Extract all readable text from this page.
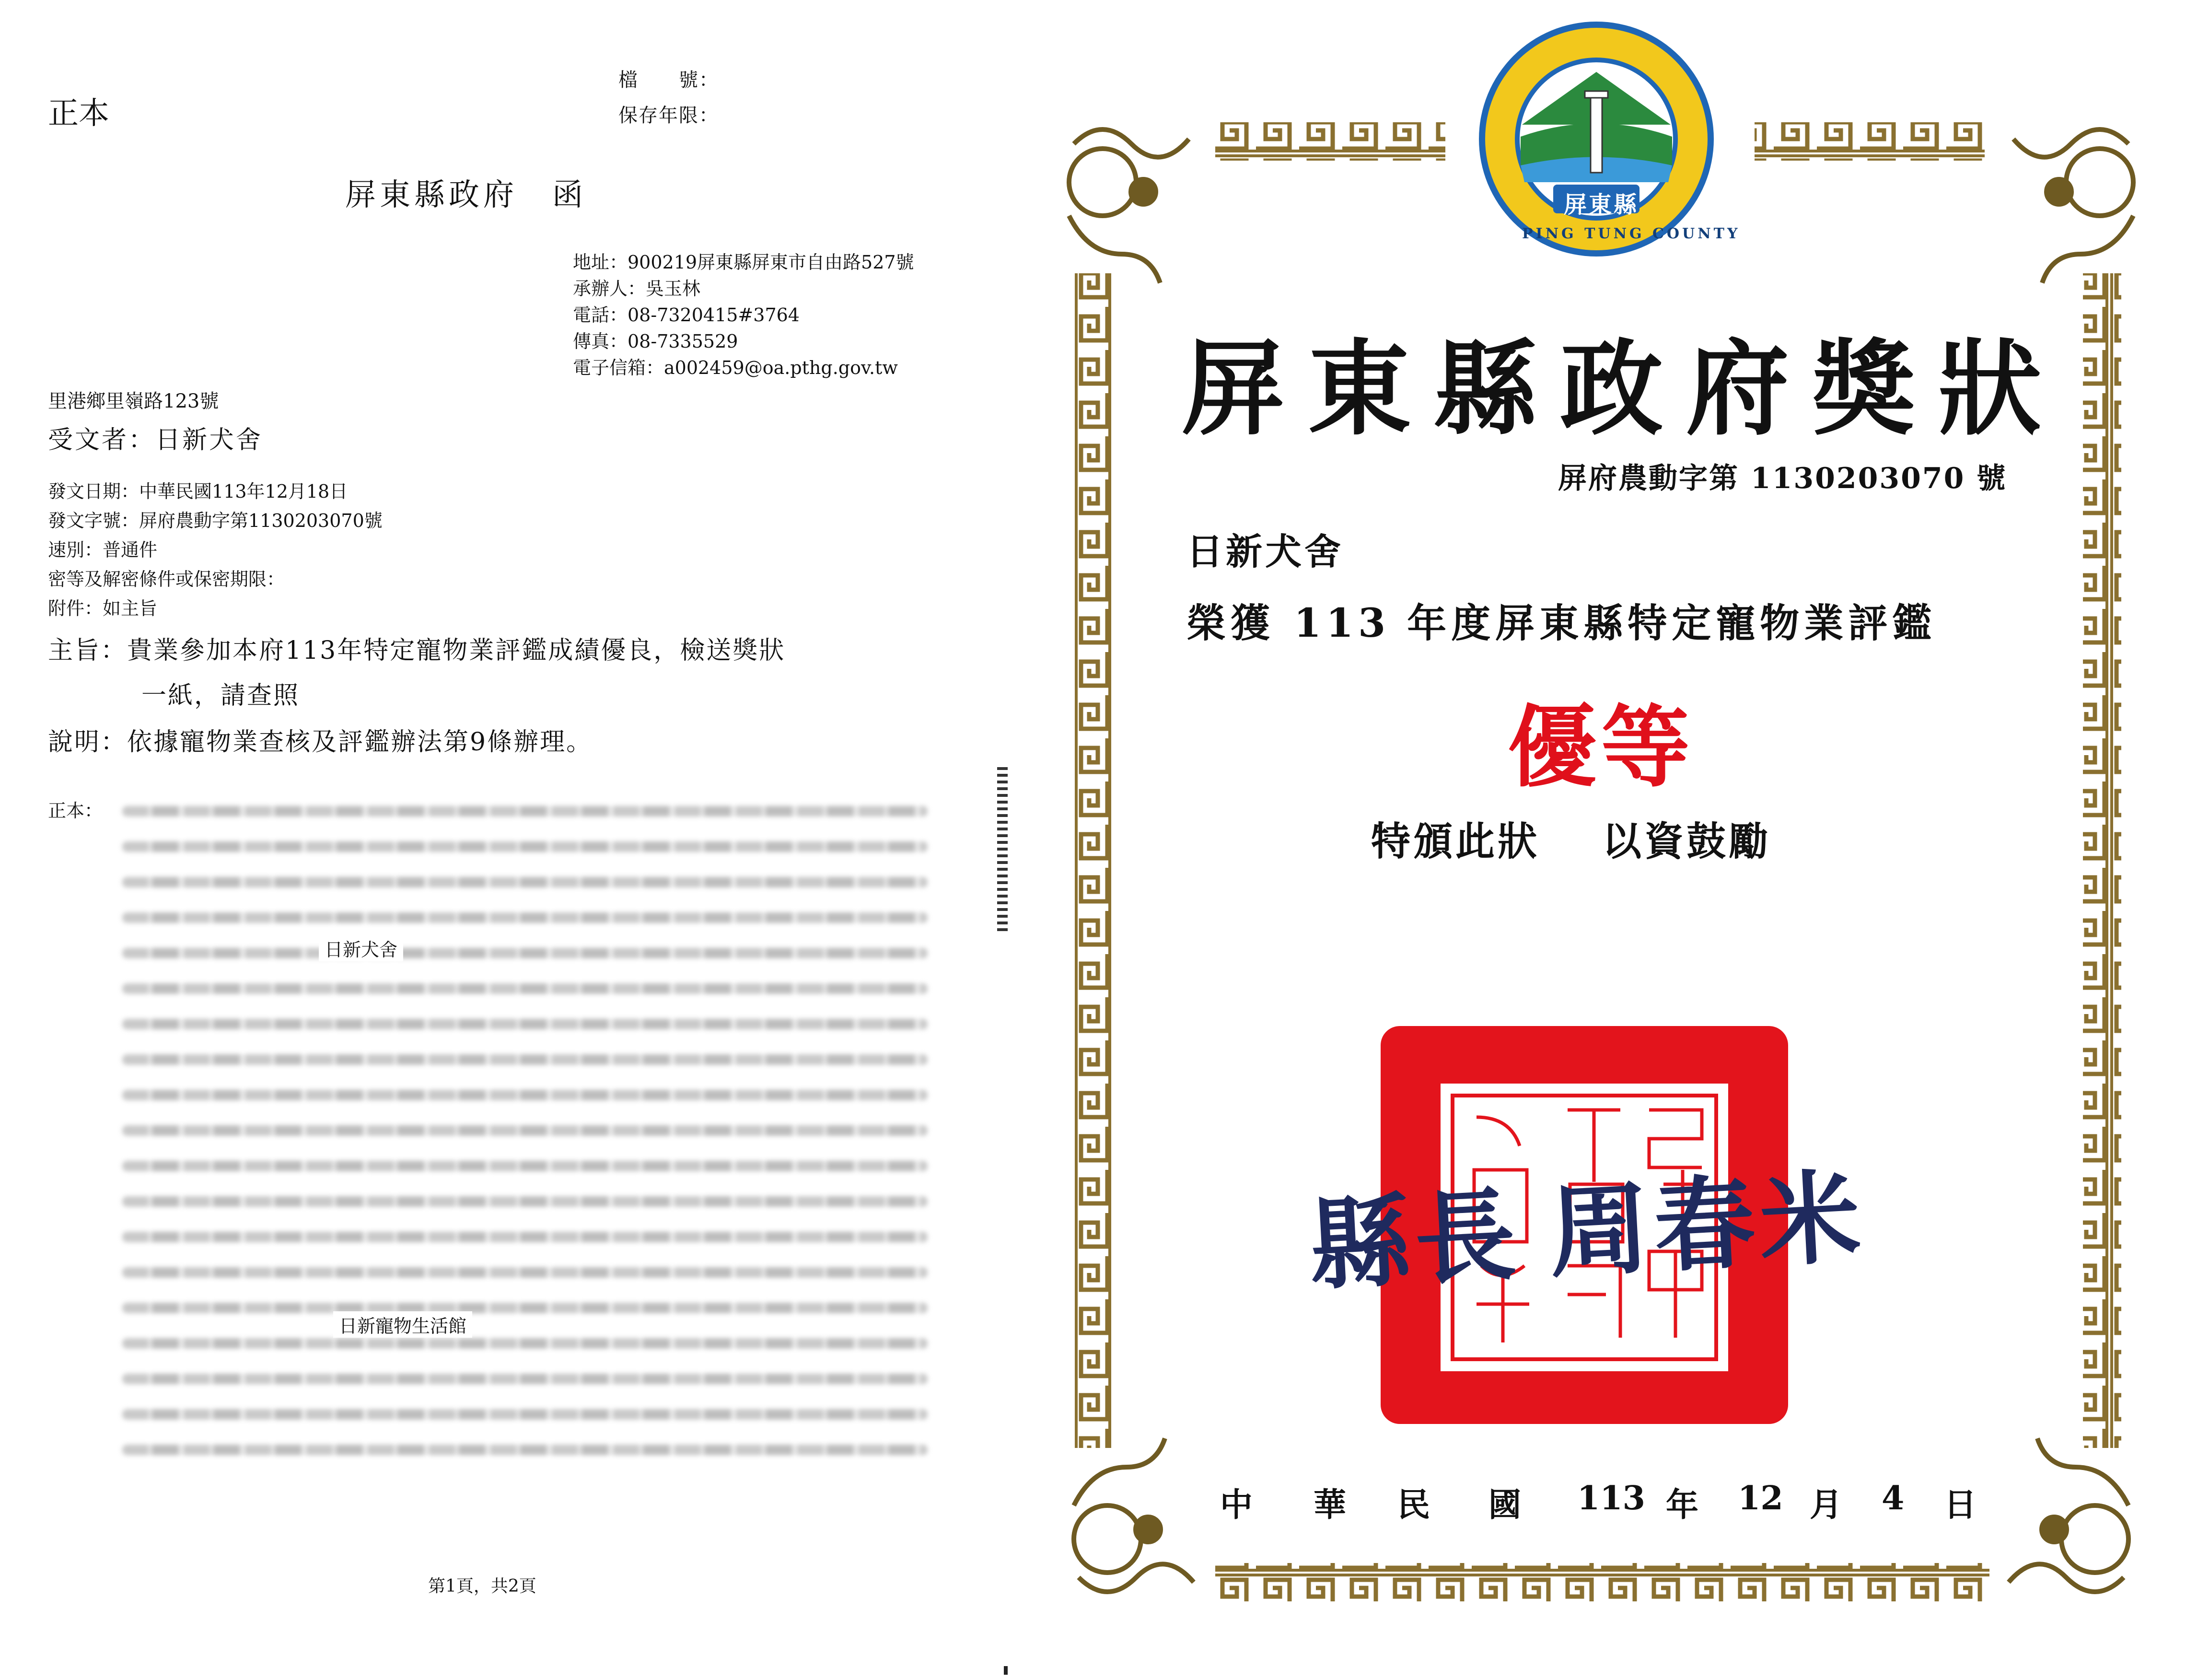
正本
檔　　號：
保存年限：
屏東縣政府　函
地址：900219屏東縣屏東市自由路527號
承辦人：吳玉林
電話：08-7320415#3764
傳真：08-7335529
電子信箱：a002459@oa.pthg.gov.tw
里港鄉里嶺路123號
受文者：日新犬舍
發文日期：中華民國113年12月18日
發文字號：屏府農動字第1130203070號
速別：普通件
密等及解密條件或保密期限：
附件：如主旨
主旨：貴業參加本府113年特定寵物業評鑑成績優良，檢送獎狀
一紙，請查照
說明：依據寵物業查核及評鑑辦法第9條辦理。
正本：
日新犬舍
日新寵物生活館
第1頁，共2頁
屏東縣
PING TUNG COUNTY
屏東縣政府獎狀
屏府農動字第 1130203070 號
日新犬舍
榮獲 113 年度屏東縣特定寵物業評鑑
優等
特頒此狀 以資鼓勵
縣長 周春米
中 華 民 國 113 年 12 月 4 日
